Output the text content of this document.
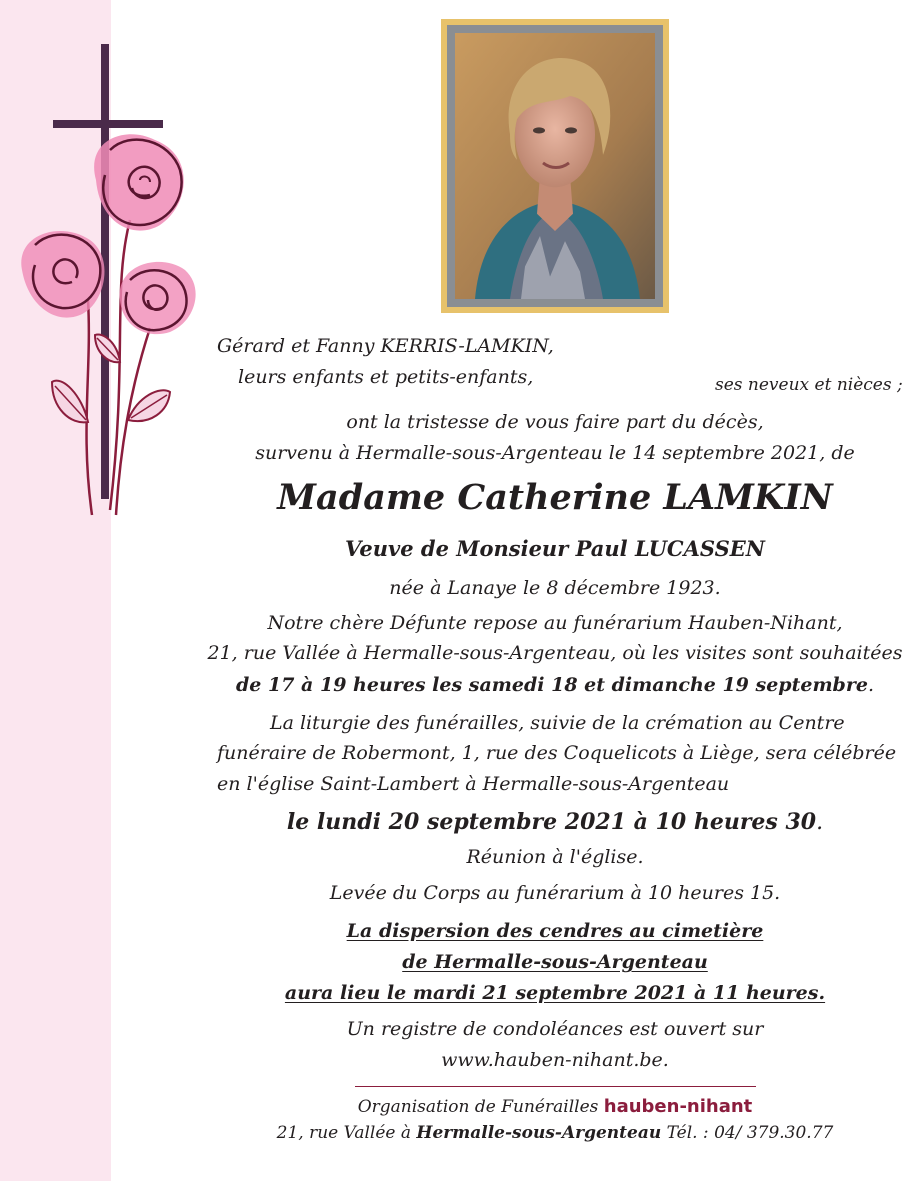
Gérard et Fanny KERRIS-LAMKIN,
leurs enfants et petits-enfants,	ses neveux et nièces ;
ont la tristesse de vous faire part du décès,
survenu à Hermalle-sous-Argenteau le 14 septembre 2021, de
Madame Catherine LAMKIN
Veuve de Monsieur Paul LUCASSEN
née à Lanaye le 8 décembre 1923.
Notre chère Défunte repose au funérarium Hauben-Nihant,
21, rue Vallée à Hermalle-sous-Argenteau, où les visites sont souhaitées
de 17 à 19 heures les samedi 18 et dimanche 19 septembre.
La liturgie des funérailles, suivie de la crémation au Centre
funéraire de Robermont, 1, rue des Coquelicots à Liège, sera célébrée
en l'église Saint-Lambert à Hermalle-sous-Argenteau
le lundi 20 septembre 2021 à 10 heures 30.
Réunion à l'église.
Levée du Corps au funérarium à 10 heures 15.
La dispersion des cendres au cimetière
de Hermalle-sous-Argenteau
aura lieu le mardi 21 septembre 2021 à 11 heures.
Un registre de condoléances est ouvert sur
www.hauben-nihant.be.
Organisation de Funérailles hauben-nihant
21, rue Vallée à Hermalle-sous-Argenteau Tél. : 04/ 379.30.77
